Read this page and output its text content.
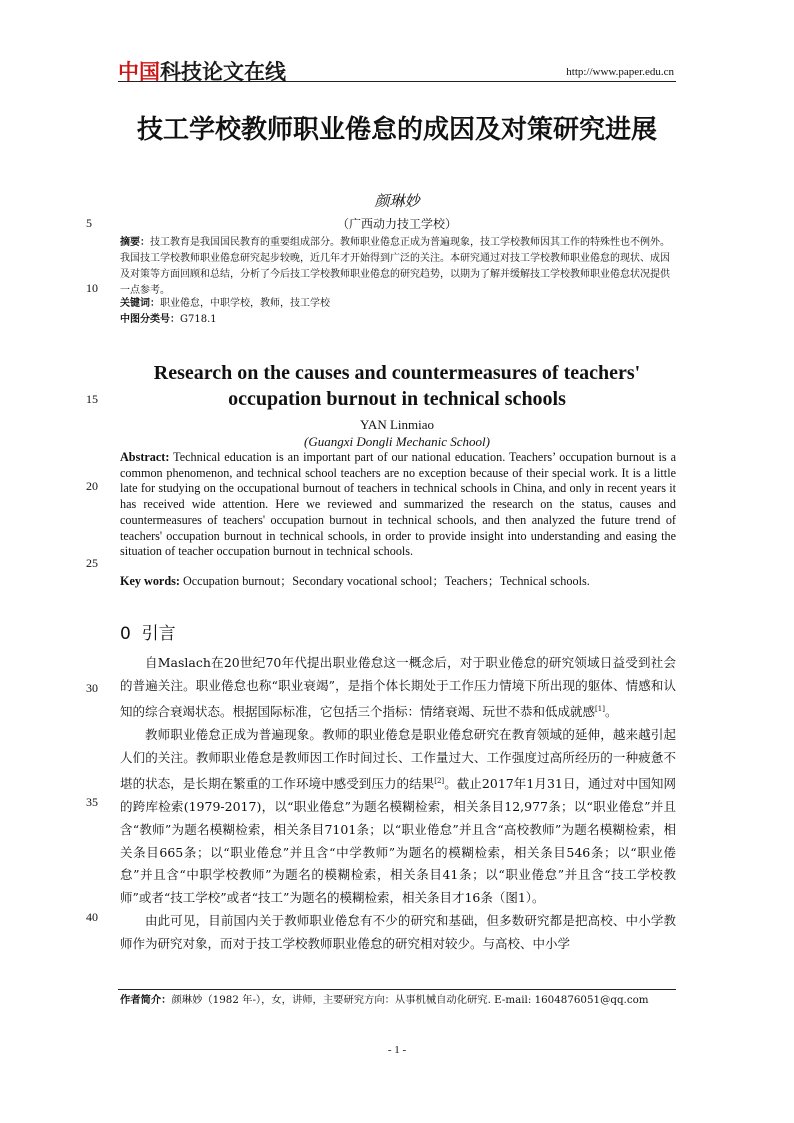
中国科技论文在线	http://www.paper.edu.cn
技工学校教师职业倦怠的成因及对策研究进展
颜琳妙
（广西动力技工学校）
5
10
15
20
25
30
35
40
摘要：技工教育是我国国民教育的重要组成部分。教师职业倦怠正成为普遍现象，技工学校教师因其工作的特殊性也不例外。我国技工学校教师职业倦怠研究起步较晚，近几年才开始得到广泛的关注。本研究通过对技工学校教师职业倦怠的现状、成因及对策等方面回顾和总结，分析了今后技工学校教师职业倦怠的研究趋势，以期为了解并缓解技工学校教师职业倦怠状况提供一点参考。
关键词：职业倦怠，中职学校，教师，技工学校
中图分类号：G718.1
Research on the causes and countermeasures of teachers' occupation burnout in technical schools
YAN Linmiao
(Guangxi Dongli Mechanic School)
Abstract: Technical education is an important part of our national education. Teachers’ occupation burnout is a common phenomenon, and technical school teachers are no exception because of their special work. It is a little late for studying on the occupational burnout of teachers in technical schools in China, and only in recent years it has received wide attention. Here we reviewed and summarized the research on the status, causes and countermeasures of teachers' occupation burnout in technical schools, and then analyzed the future trend of teachers' occupation burnout in technical schools, in order to provide insight into understanding and easing the situation of teacher occupation burnout in technical schools.
Key words: Occupation burnout；Secondary vocational school；Teachers；Technical schools.
0 引言

自Maslach在20世纪70年代提出职业倦怠这一概念后，对于职业倦怠的研究领域日益受到社会的普遍关注。职业倦怠也称“职业衰竭”，是指个体长期处于工作压力情境下所出现的躯体、情感和认知的综合衰竭状态。根据国际标准，它包括三个指标：情绪衰竭、玩世不恭和低成就感[1]。

教师职业倦怠正成为普遍现象。教师的职业倦怠是职业倦怠研究在教育领域的延伸，越来越引起人们的关注。教师职业倦怠是教师因工作时间过长、工作量过大、工作强度过高所经历的一种疲惫不堪的状态，是长期在繁重的工作环境中感受到压力的结果[2]。截止2017年1月31日，通过对中国知网的跨库检索(1979-2017)，以“职业倦怠”为题名模糊检索，相关条目12,977条；以“职业倦怠”并且含“教师”为题名模糊检索，相关条目7101条；以“职业倦怠”并且含“高校教师”为题名模糊检索，相关条目665条；以“职业倦怠”并且含“中学教师”为题名的模糊检索，相关条目546条；以“职业倦怠”并且含“中职学校教师”为题名的模糊检索，相关条目41条；以“职业倦怠”并且含“技工学校教师”或者“技工学校”或者“技工”为题名的模糊检索，相关条目才16条（图1）。

由此可见，目前国内关于教师职业倦怠有不少的研究和基础，但多数研究都是把高校、中小学教师作为研究对象，而对于技工学校教师职业倦怠的研究相对较少。与高校、中小学

作者简介：颜琳妙（1982 年-），女，讲师，主要研究方向：从事机械自动化研究. E-mail: 1604876051@qq.com
- 1 -
